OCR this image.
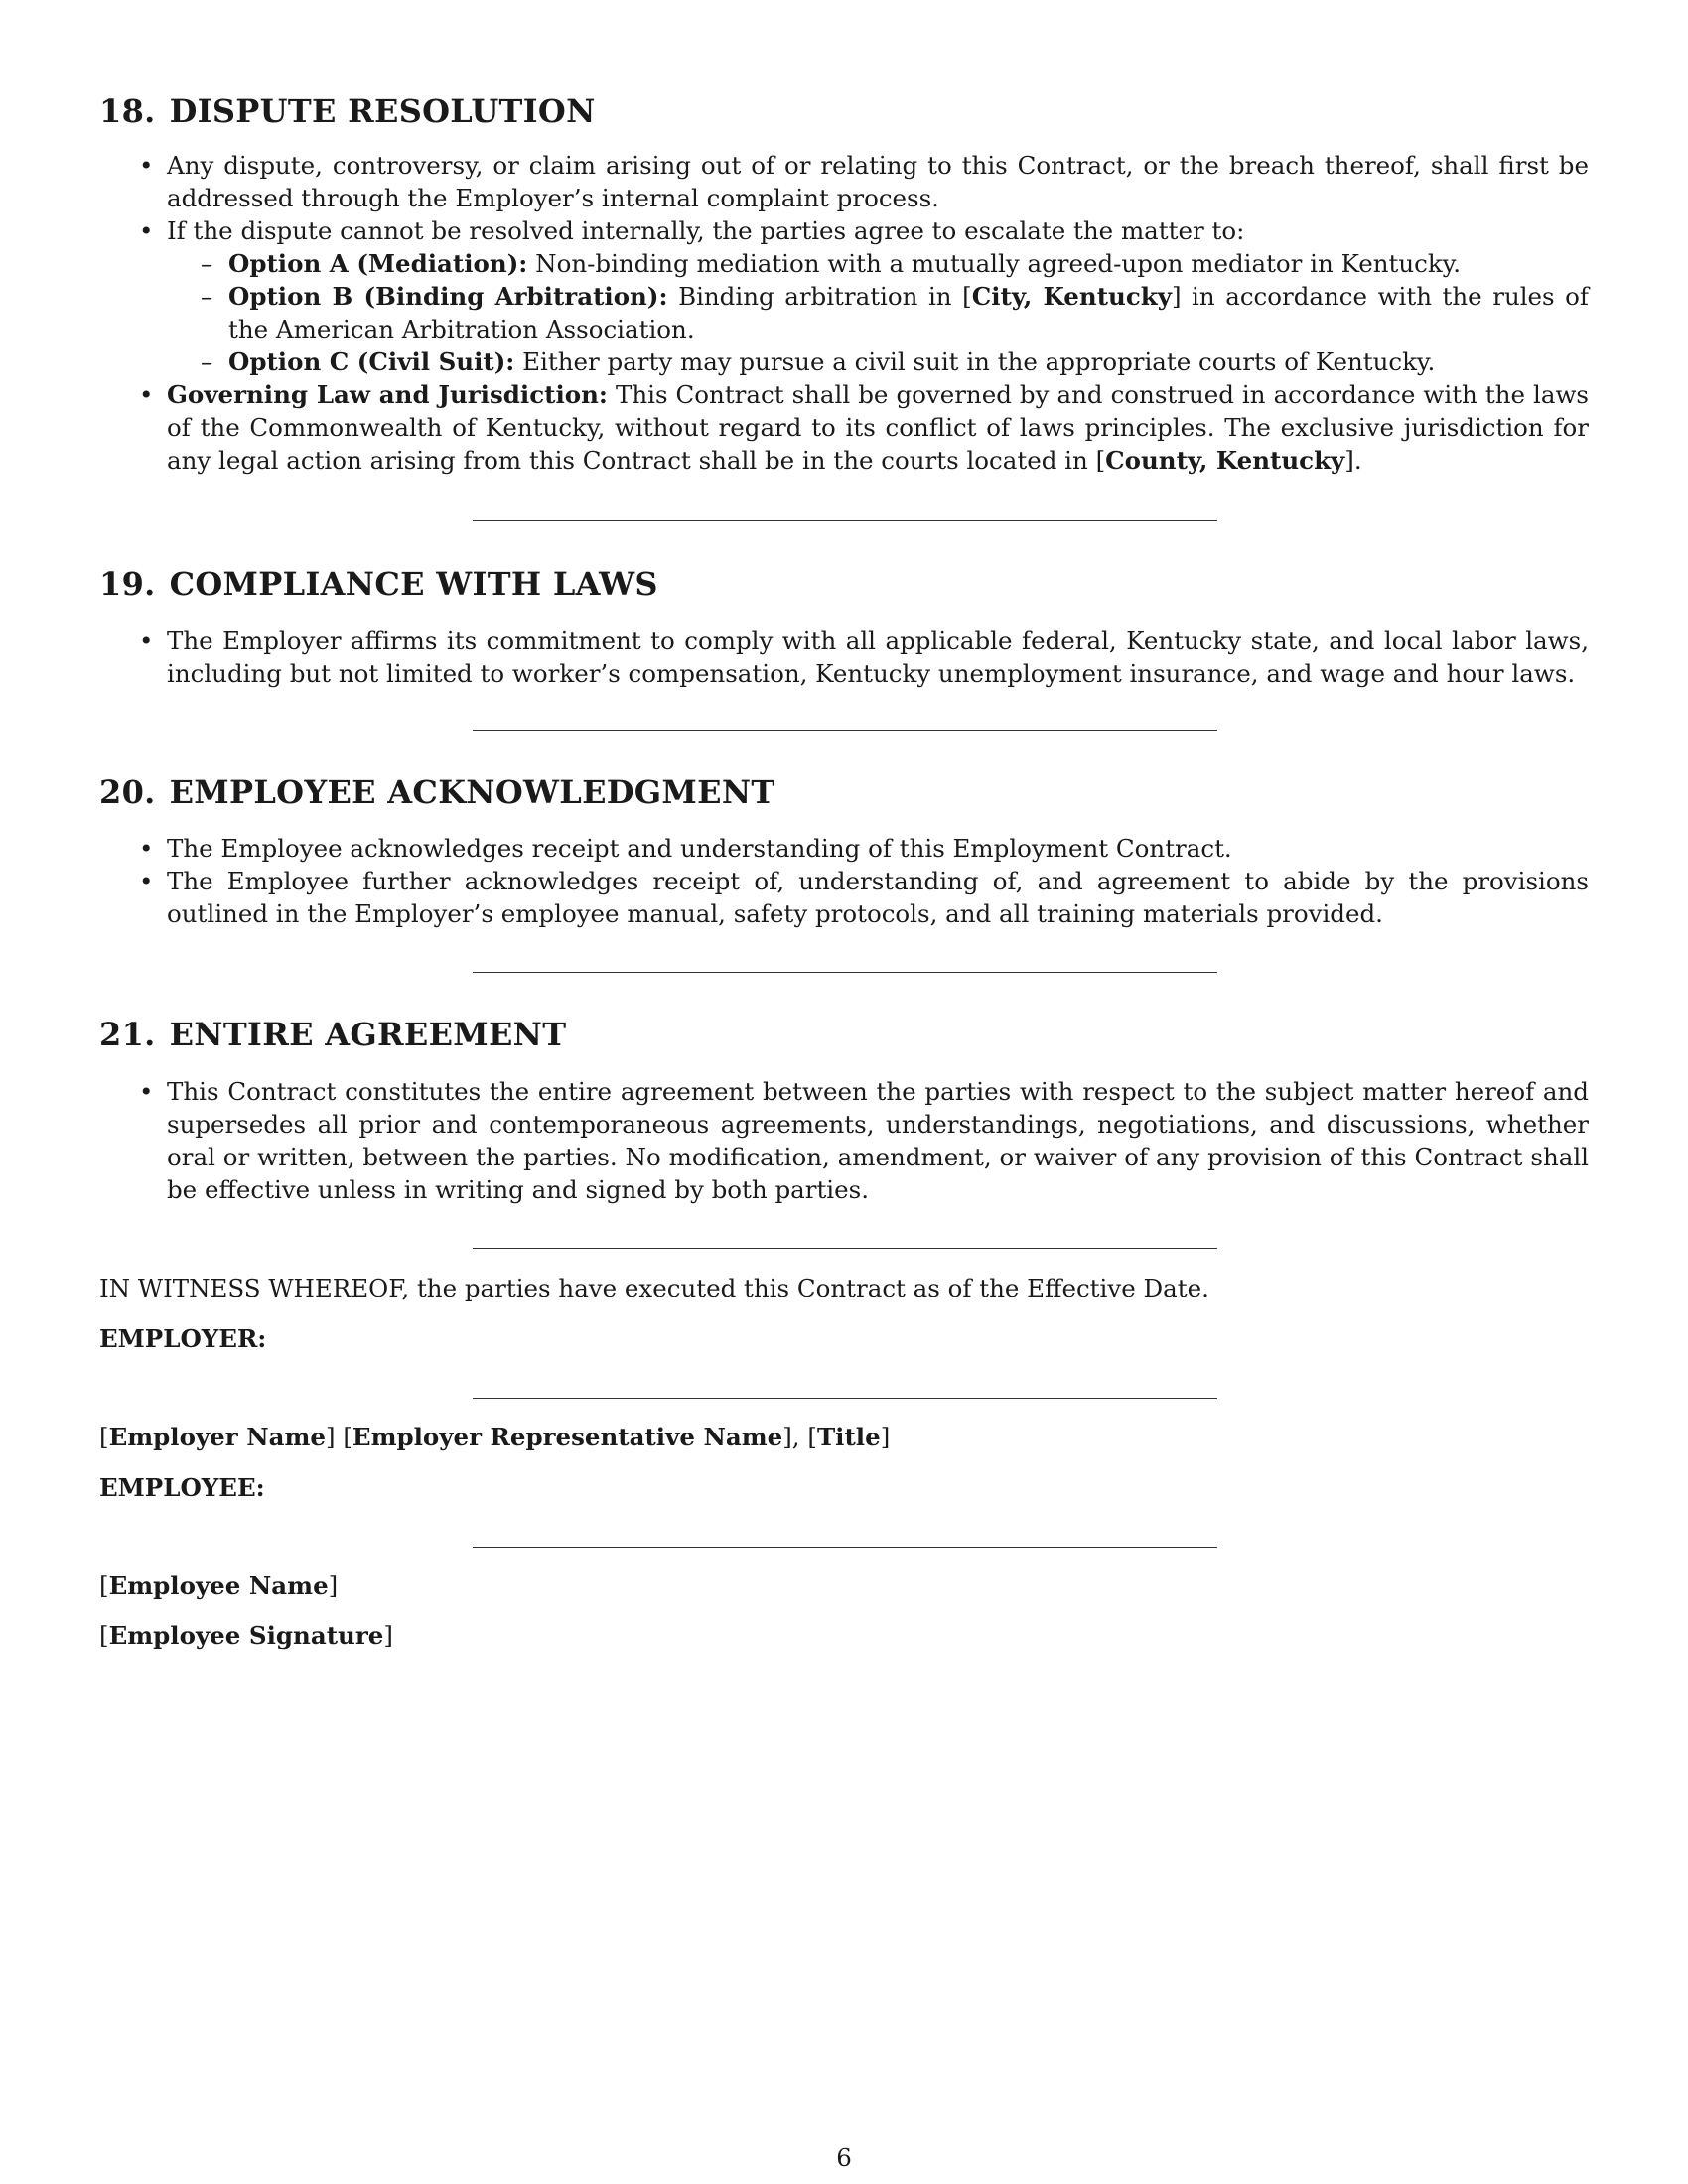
18. DISPUTE RESOLUTION
• Any dispute, controversy, or claim arising out of or relating to this Contract, or the breach thereof, shall first be addressed through the Employer’s internal complaint process.
• If the dispute cannot be resolved internally, the parties agree to escalate the matter to:
– Option A (Mediation): Non-binding mediation with a mutually agreed-upon mediator in Kentucky.
– Option B (Binding Arbitration): Binding arbitration in [City, Kentucky] in accordance with the rules of the American Arbitration Association.
– Option C (Civil Suit): Either party may pursue a civil suit in the appropriate courts of Kentucky.
• Governing Law and Jurisdiction: This Contract shall be governed by and construed in accordance with the laws of the Commonwealth of Kentucky, without regard to its conflict of laws principles. The exclusive jurisdiction for any legal action arising from this Contract shall be in the courts located in [County, Kentucky].
19. COMPLIANCE WITH LAWS
• The Employer affirms its commitment to comply with all applicable federal, Kentucky state, and local labor laws, including but not limited to worker’s compensation, Kentucky unemployment insurance, and wage and hour laws.
20. EMPLOYEE ACKNOWLEDGMENT
• The Employee acknowledges receipt and understanding of this Employment Contract.
• The Employee further acknowledges receipt of, understanding of, and agreement to abide by the provisions outlined in the Employer’s employee manual, safety protocols, and all training materials provided.
21. ENTIRE AGREEMENT
• This Contract constitutes the entire agreement between the parties with respect to the subject matter hereof and supersedes all prior and contemporaneous agreements, understandings, negotiations, and discussions, whether oral or written, between the parties. No modification, amendment, or waiver of any provision of this Contract shall be effective unless in writing and signed by both parties.
IN WITNESS WHEREOF, the parties have executed this Contract as of the Effective Date.
EMPLOYER:
[Employer Name] [Employer Representative Name], [Title]
EMPLOYEE:
[Employee Name]
[Employee Signature]
6
